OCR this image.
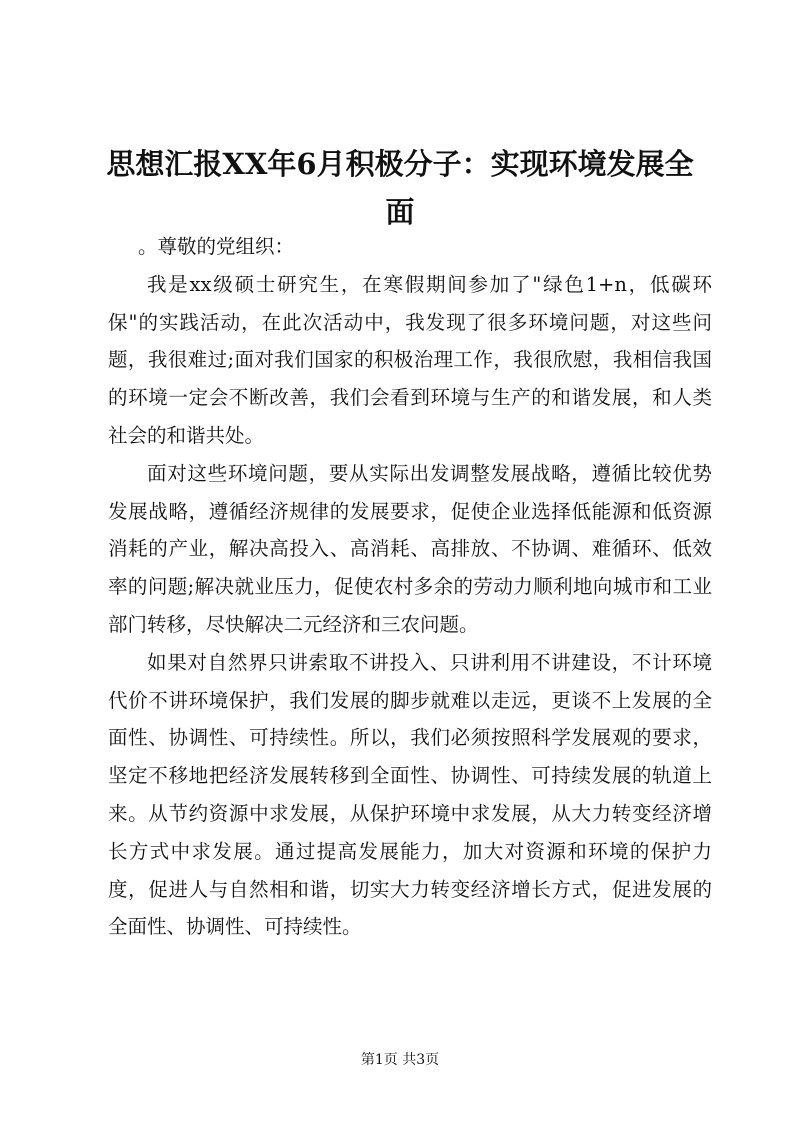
思想汇报XX年6月积极分子：实现环境发展全面

。尊敬的党组织：

我是xx级硕士研究生，在寒假期间参加了"绿色1+n，低碳环保"的实践活动，在此次活动中，我发现了很多环境问题，对这些问题，我很难过;面对我们国家的积极治理工作，我很欣慰，我相信我国的环境一定会不断改善，我们会看到环境与生产的和谐发展，和人类社会的和谐共处。

面对这些环境问题，要从实际出发调整发展战略，遵循比较优势发展战略，遵循经济规律的发展要求，促使企业选择低能源和低资源消耗的产业，解决高投入、高消耗、高排放、不协调、难循环、低效率的问题;解决就业压力，促使农村多余的劳动力顺利地向城市和工业部门转移，尽快解决二元经济和三农问题。

如果对自然界只讲索取不讲投入、只讲利用不讲建设，不计环境代价不讲环境保护，我们发展的脚步就难以走远，更谈不上发展的全面性、协调性、可持续性。所以，我们必须按照科学发展观的要求，坚定不移地把经济发展转移到全面性、协调性、可持续发展的轨道上来。从节约资源中求发展，从保护环境中求发展，从大力转变经济增长方式中求发展。通过提高发展能力，加大对资源和环境的保护力度，促进人与自然相和谐，切实大力转变经济增长方式，促进发展的全面性、协调性、可持续性。

第1页 共3页
